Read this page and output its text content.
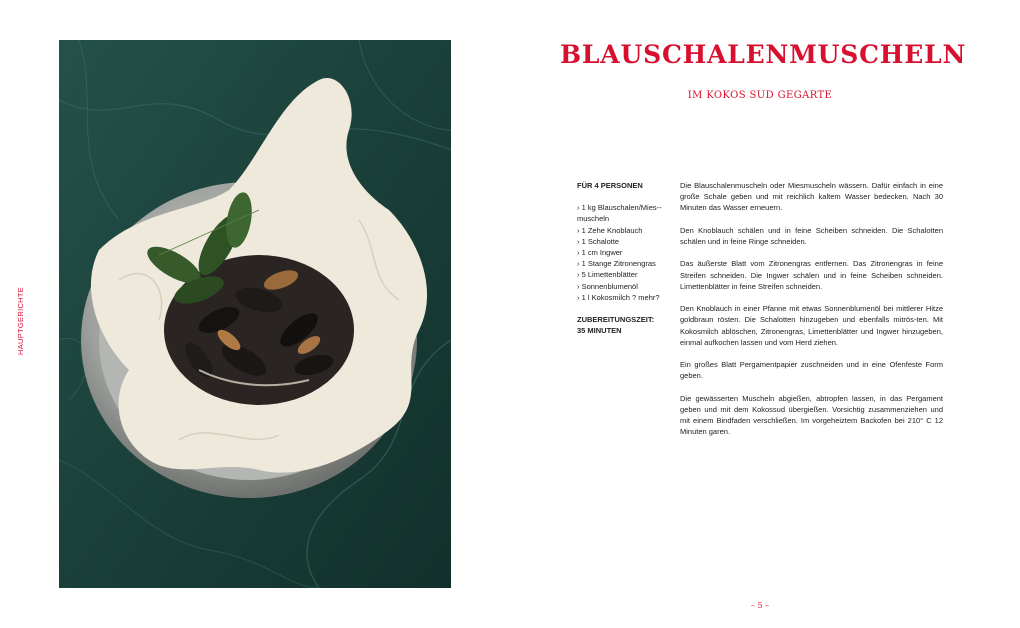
HAUPTGERICHTE
BLAUSCHALENMUSCHELN
IM KOKOS SUD GEGARTE
FÜR 4 PERSONEN
› 1 kg Blauschalen/Mies-muscheln
› 1 Zehe Knoblauch
› 1 Schalotte
› 1 cm Ingwer
› 1 Stange Zitronengras
› 5 Limettenblätter
› Sonnenblumenöl
› 1 l Kokosmilch ? mehr?
ZUBEREITUNGSZEIT:
35 MINUTEN

Die Blauschalenmuscheln oder Miesmuscheln wässern. Dafür einfach in eine große Schale geben und mit reichlich kaltem Wasser bedecken. Nach 30 Minuten das Wasser erneuern.

Den Knoblauch schälen und in feine Scheiben schneiden. Die Schalotten schälen und in feine Ringe schneiden.

Das äußerste Blatt vom Zitronengras entfernen. Das Zitronengras in feine Streifen schneiden. Die Ingwer schälen und in feine Scheiben schneiden. Limettenblätter in feine Streifen schneiden.

Den Knoblauch in einer Pfanne mit etwas Sonnenblumenöl bei mittlerer Hitze goldbraun rösten. Die Schalotten hinzugeben und ebenfalls mitrös-ten. Mit Kokosmilch ablöschen, Zitronengras, Limettenblätter und Ingwer hinzugeben, einmal aufkochen lassen und vom Herd ziehen.

Ein großes Blatt Pergamentpapier zuschneiden und in eine Ofenfeste Form geben.

Die gewässerten Muscheln abgießen, abtropfen lassen, in das Pergament geben und mit dem Kokossud übergießen. Vorsichtig zusammenziehen und mit einem Bindfaden verschließen. Im vorgeheiztem Backofen bei 210° C 12 Minuten garen.

– 5 –
